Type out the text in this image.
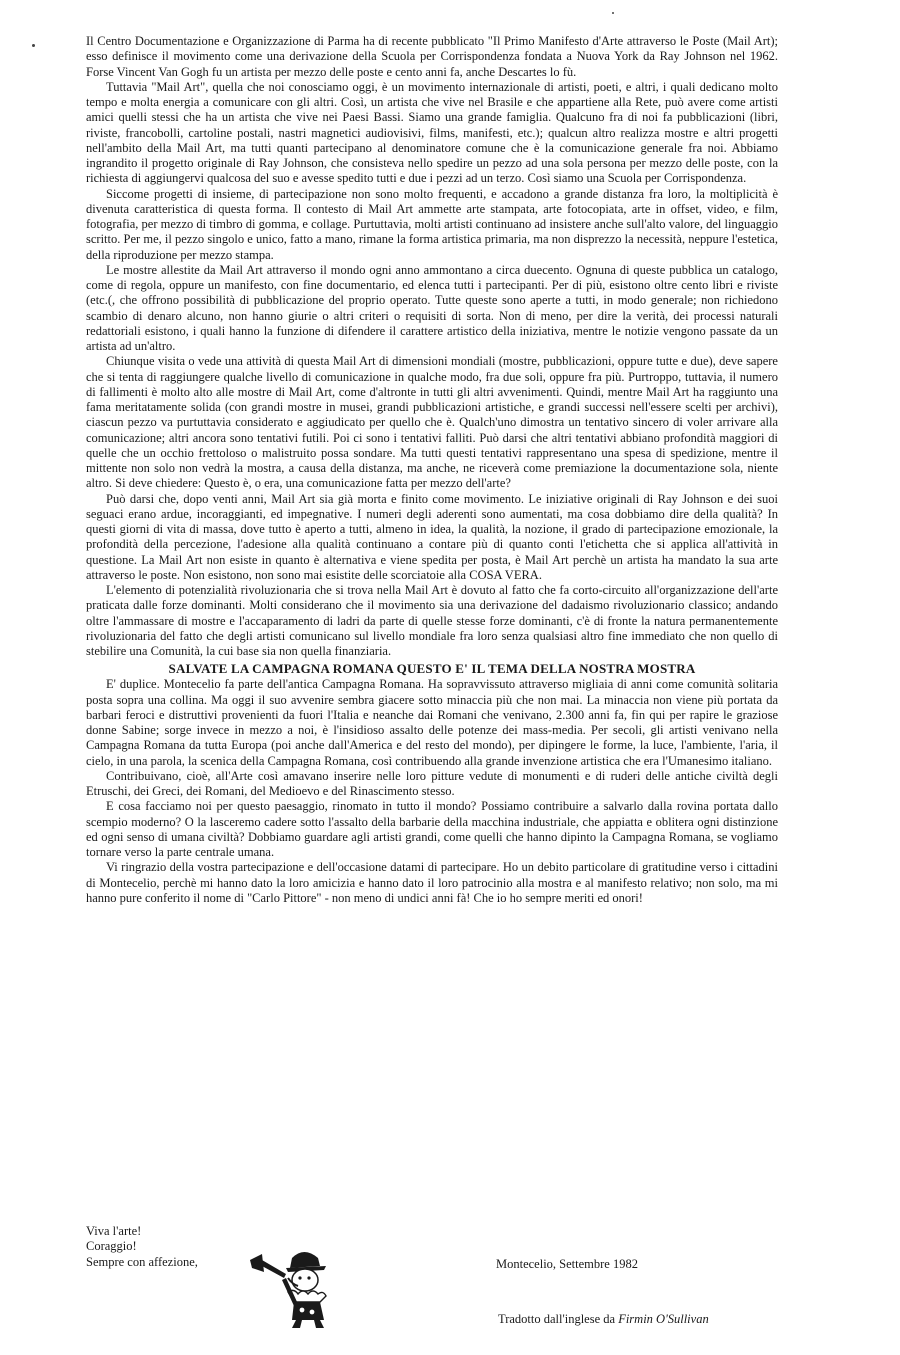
Il Centro Documentazione e Organizzazione di Parma ha di recente pubblicato "Il Primo Manifesto d'Arte attraverso le Poste (Mail Art); esso definisce il movimento come una derivazione della Scuola per Corrispondenza fondata a Nuova York da Ray Johnson nel 1962. Forse Vincent Van Gogh fu un artista per mezzo delle poste e cento anni fa, anche Descartes lo fù.

Tuttavia "Mail Art", quella che noi conosciamo oggi, è un movimento internazionale di artisti, poeti, e altri, i quali dedicano molto tempo e molta energia a comunicare con gli altri. Così, un artista che vive nel Brasile e che appartiene alla Rete, può avere come artisti amici quelli stessi che ha un artista che vive nei Paesi Bassi. Siamo una grande famiglia. Qualcuno fra di noi fa pubblicazioni (libri, riviste, francobolli, cartoline postali, nastri magnetici audiovisivi, films, manifesti, etc.); qualcun altro realizza mostre e altri progetti nell'ambito della Mail Art, ma tutti quanti partecipano al denominatore comune che è la comunicazione generale fra noi. Abbiamo ingrandito il progetto originale di Ray Johnson, che consisteva nello spedire un pezzo ad una sola persona per mezzo delle poste, con la richiesta di aggiungervi qualcosa del suo e avesse spedito tutti e due i pezzi ad un terzo. Così siamo una Scuola per Corrispondenza.

Siccome progetti di insieme, di partecipazione non sono molto frequenti, e accadono a grande distanza fra loro, la moltiplicità è divenuta caratteristica di questa forma. Il contesto di Mail Art ammette arte stampata, arte fotocopiata, arte in offset, video, e film, fotografia, per mezzo di timbro di gomma, e collage. Purtuttavia, molti artisti continuano ad insistere anche sull'alto valore, del linguaggio scritto. Per me, il pezzo singolo e unico, fatto a mano, rimane la forma artistica primaria, ma non disprezzo la necessità, neppure l'estetica, della riproduzione per mezzo stampa.

Le mostre allestite da Mail Art attraverso il mondo ogni anno ammontano a circa duecento. Ognuna di queste pubblica un catalogo, come di regola, oppure un manifesto, con fine documentario, ed elenca tutti i partecipanti. Per di più, esistono oltre cento libri e riviste (etc.(, che offrono possibilità di pubblicazione del proprio operato. Tutte queste sono aperte a tutti, in modo generale; non richiedono scambio di denaro alcuno, non hanno giurie o altri criteri o requisiti di sorta. Non di meno, per dire la verità, dei processi naturali redattoriali esistono, i quali hanno la funzione di difendere il carattere artistico della iniziativa, mentre le notizie vengono passate da un artista ad un'altro.

Chiunque visita o vede una attività di questa Mail Art di dimensioni mondiali (mostre, pubblicazioni, oppure tutte e due), deve sapere che si tenta di raggiungere qualche livello di comunicazione in qualche modo, fra due soli, oppure fra più. Purtroppo, tuttavia, il numero di fallimenti è molto alto alle mostre di Mail Art, come d'altronte in tutti gli altri avvenimenti. Quindi, mentre Mail Art ha raggiunto una fama meritatamente solida (con grandi mostre in musei, grandi pubblicazioni artistiche, e grandi successi nell'essere scelti per archivi), ciascun pezzo va purtuttavia considerato e aggiudicato per quello che è. Qualch'uno dimostra un tentativo sincero di voler arrivare alla comunicazione; altri ancora sono tentativi futili. Poi ci sono i tentativi falliti. Può darsi che altri tentativi abbiano profondità maggiori di quelle che un occhio frettoloso o malistruito possa sondare. Ma tutti questi tentativi rappresentano una spesa di spedizione, mentre il mittente non solo non vedrà la mostra, a causa della distanza, ma anche, ne riceverà come premiazione la documentazione sola, niente altro. Si deve chiedere: Questo è, o era, una comunicazione fatta per mezzo dell'arte?

Può darsi che, dopo venti anni, Mail Art sia già morta e finito come movimento. Le iniziative originali di Ray Johnson e dei suoi seguaci erano ardue, incoraggianti, ed impegnative. I numeri degli aderenti sono aumentati, ma cosa dobbiamo dire della qualità? In questi giorni di vita di massa, dove tutto è aperto a tutti, almeno in idea, la qualità, la nozione, il grado di partecipazione emozionale, la profondità della percezione, l'adesione alla qualità continuano a contare più di quanto conti l'etichetta che si applica all'attività in questione. La Mail Art non esiste in quanto è alternativa e viene spedita per posta, è Mail Art perchè un artista ha mandato la sua arte attraverso le poste. Non esistono, non sono mai esistite delle scorciatoie alla COSA VERA.

L'elemento di potenzialità rivoluzionaria che si trova nella Mail Art è dovuto al fatto che fa corto-circuito all'organizzazione dell'arte praticata dalle forze dominanti. Molti considerano che il movimento sia una derivazione del dadaismo rivoluzionario classico; andando oltre l'ammassare di mostre e l'accaparamento di ladri da parte di quelle stesse forze dominanti, c'è di fronte la natura permanentemente rivoluzionaria del fatto che degli artisti comunicano sul livello mondiale fra loro senza qualsiasi altro fine immediato che non quello di stebilire una Comunità, la cui base sia non quella finanziaria.

SALVATE LA CAMPAGNA ROMANA QUESTO E' IL TEMA DELLA NOSTRA MOSTRA

E' duplice. Montecelio fa parte dell'antica Campagna Romana. Ha sopravvissuto attraverso migliaia di anni come comunità solitaria posta sopra una collina. Ma oggi il suo avvenire sembra giacere sotto minaccia più che non mai. La minaccia non viene più portata da barbari feroci e distruttivi provenienti da fuori l'Italia e neanche dai Romani che venivano, 2.300 anni fa, fin qui per rapire le graziose donne Sabine; sorge invece in mezzo a noi, è l'insidioso assalto delle potenze dei mass-media. Per secoli, gli artisti venivano nella Campagna Romana da tutta Europa (poi anche dall'America e del resto del mondo), per dipingere le forme, la luce, l'ambiente, l'aria, il cielo, in una parola, la scenica della Campagna Romana, così contribuendo alla grande invenzione artistica che era l'Umanesimo italiano.

Contribuivano, cioè, all'Arte così amavano inserire nelle loro pitture vedute di monumenti e di ruderi delle antiche civiltà degli Etruschi, dei Greci, dei Romani, del Medioevo e del Rinascimento stesso.

E cosa facciamo noi per questo paesaggio, rinomato in tutto il mondo? Possiamo contribuire a salvarlo dalla rovina portata dallo scempio moderno? O la lasceremo cadere sotto l'assalto della barbarie della macchina industriale, che appiatta e oblitera ogni distinzione ed ogni senso di umana civiltà? Dobbiamo guardare agli artisti grandi, come quelli che hanno dipinto la Campagna Romana, se vogliamo tornare verso la parte centrale umana.

Vi ringrazio della vostra partecipazione e dell'occasione datami di partecipare. Ho un debito particolare di gratitudine verso i cittadini di Montecelio, perchè mi hanno dato la loro amicizia e hanno dato il loro patrocinio alla mostra e al manifesto relativo; non solo, ma mi hanno pure conferito il nome di "Carlo Pittore" - non meno di undici anni fà! Che io ho sempre meriti ed onori!

Viva l'arte!
Coraggio!
Sempre con affezione,	Montecelio, Settembre 1982
Tradotto dall'inglese da Firmin O'Sullivan
